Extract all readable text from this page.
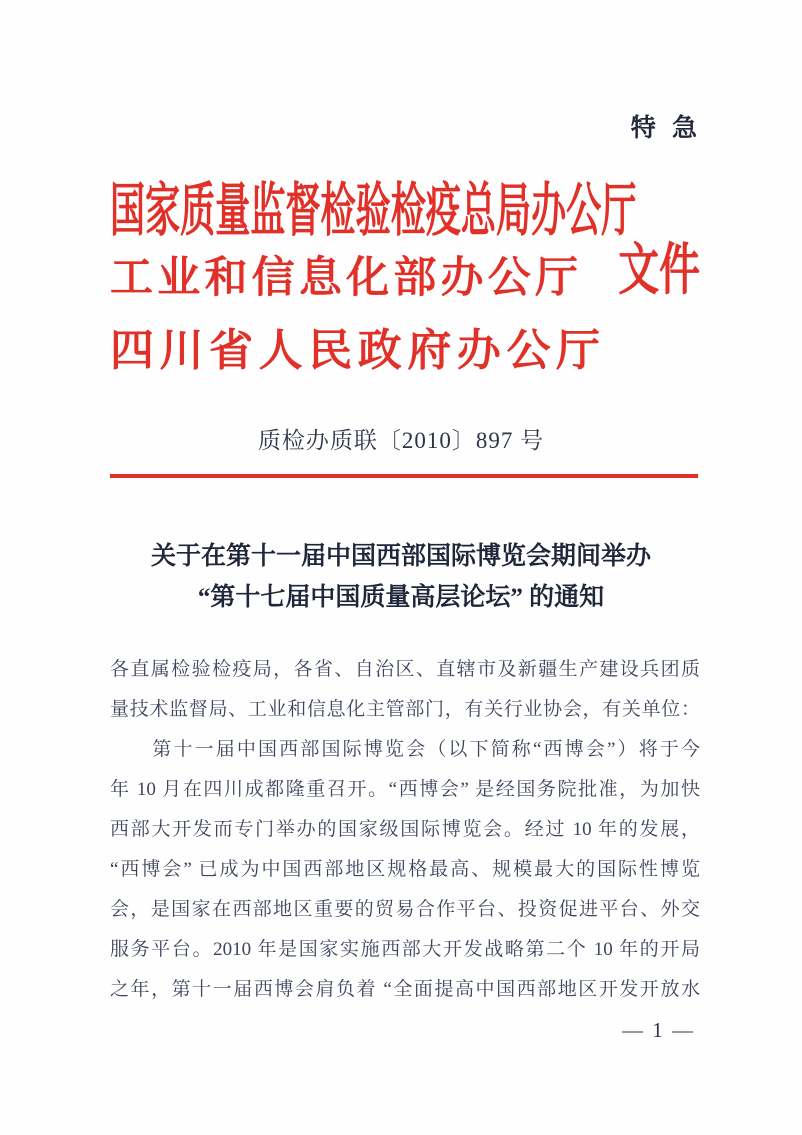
特 急
国家质量监督检验检疫总局办公厅
工业和信息化部办公厅
四川省人民政府办公厅
文件
质检办质联〔2010〕897 号
关于在第十一届中国西部国际博览会期间举办
“第十七届中国质量高层论坛” 的通知
各直属检验检疫局，各省、自治区、直辖市及新疆生产建设兵团质
量技术监督局、工业和信息化主管部门，有关行业协会，有关单位：
　　第十一届中国西部国际博览会（以下简称“西博会”）将于今
年 10 月在四川成都隆重召开。“西博会” 是经国务院批准，为加快
西部大开发而专门举办的国家级国际博览会。经过 10 年的发展，
“西博会” 已成为中国西部地区规格最高、规模最大的国际性博览
会，是国家在西部地区重要的贸易合作平台、投资促进平台、外交
服务平台。2010 年是国家实施西部大开发战略第二个 10 年的开局
之年，第十一届西博会肩负着 “全面提高中国西部地区开发开放水
— 1 —
